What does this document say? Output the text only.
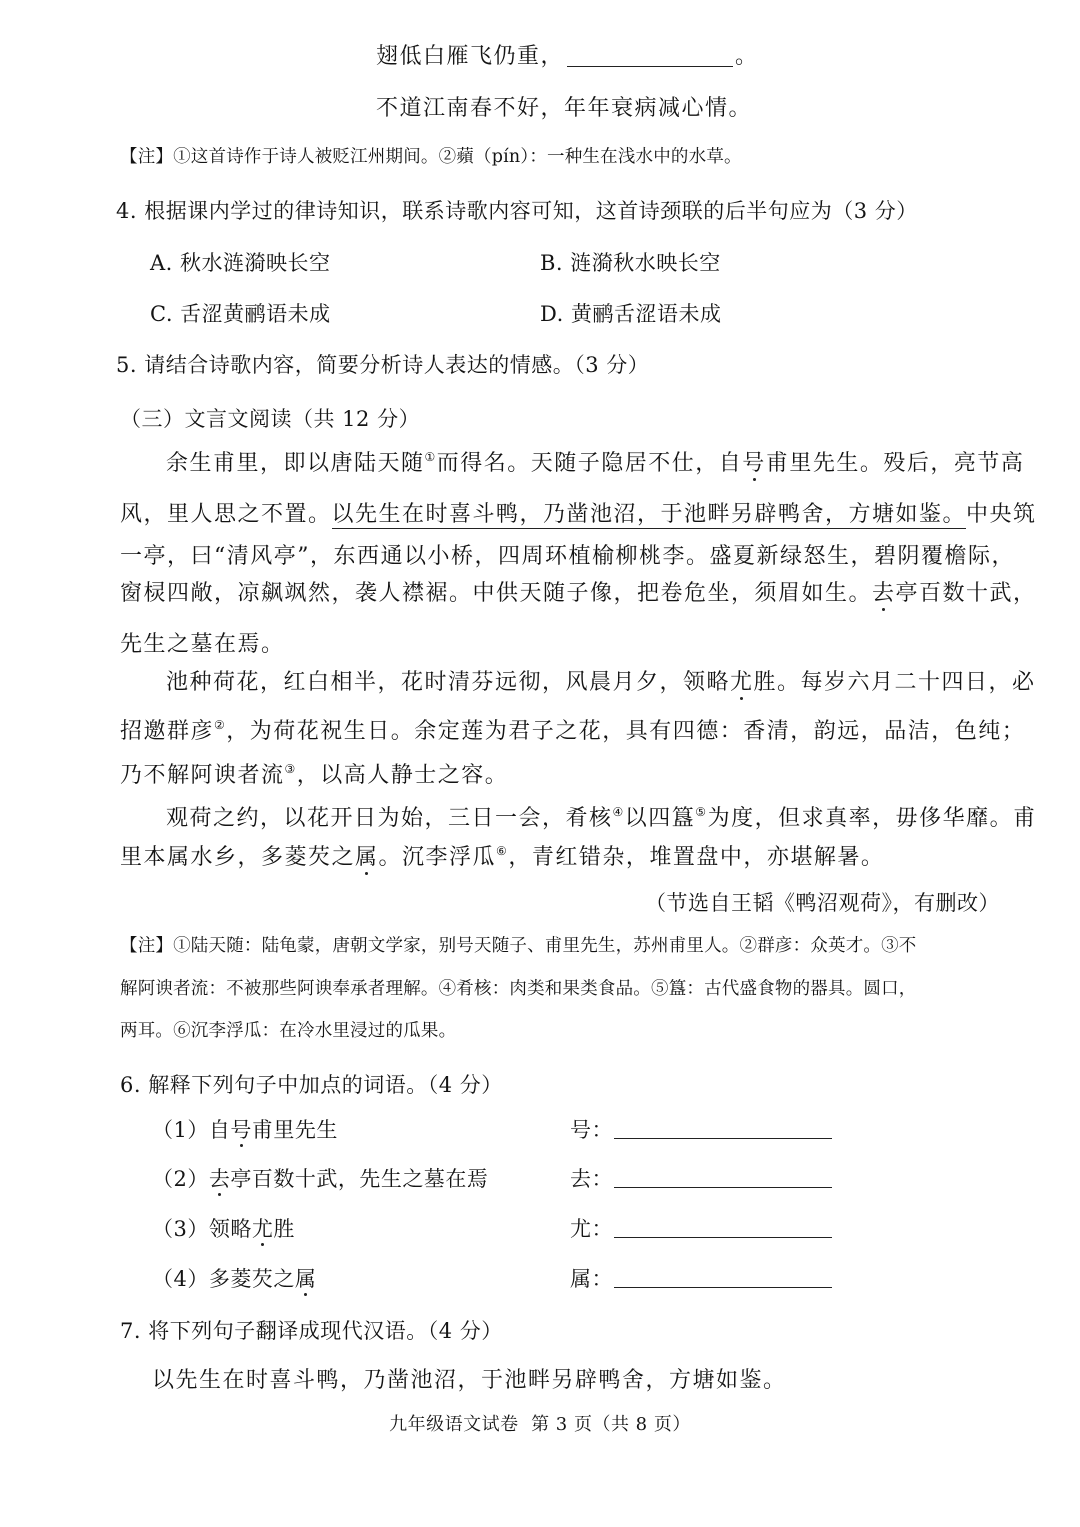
翅低白雁飞仍重，	。
不道江南春不好，年年衰病减心情。
【注】①这首诗作于诗人被贬江州期间。②蘋（pín）：一种生在浅水中的水草。
4. 根据课内学过的律诗知识，联系诗歌内容可知，这首诗颈联的后半句应为（3 分）
A. 秋水涟漪映长空	B. 涟漪秋水映长空
C. 舌涩黄鹂语未成	D. 黄鹂舌涩语未成
5. 请结合诗歌内容，简要分析诗人表达的情感。（3 分）
（三）文言文阅读（共 12 分）
余生甫里，即以唐陆天随①而得名。天随子隐居不仕，自号甫里先生。殁后，亮节高
风，里人思之不置。以先生在时喜斗鸭，乃凿池沼，于池畔另辟鸭舍，方塘如鉴。中央筑
一亭，曰“清风亭”，东西通以小桥，四周环植榆柳桃李。盛夏新绿怒生，碧阴覆檐际，
窗棂四敞，凉飙飒然，袭人襟裾。中供天随子像，把卷危坐，须眉如生。去亭百数十武，
先生之墓在焉。
池种荷花，红白相半，花时清芬远彻，风晨月夕，领略尤胜。每岁六月二十四日，必
招邀群彦②，为荷花祝生日。余定莲为君子之花，具有四德：香清，韵远，品洁，色纯；
乃不解阿谀者流③，以高人静士之容。
观荷之约，以花开日为始，三日一会，肴核④以四簋⑤为度，但求真率，毋侈华靡。甫
里本属水乡，多菱芡之属。沉李浮瓜⑥，青红错杂，堆置盘中，亦堪解暑。
（节选自王韬《鸭沼观荷》，有删改）
【注】①陆天随：陆龟蒙，唐朝文学家，别号天随子、甫里先生，苏州甫里人。②群彦：众英才。③不
解阿谀者流：不被那些阿谀奉承者理解。④肴核：肉类和果类食品。⑤簋：古代盛食物的器具。圆口，
两耳。⑥沉李浮瓜：在冷水里浸过的瓜果。
6. 解释下列句子中加点的词语。（4 分）
（1）自号甫里先生	号：
（2）去亭百数十武，先生之墓在焉	去：
（3）领略尤胜	尤：
（4）多菱芡之属	属：
7. 将下列句子翻译成现代汉语。（4 分）
以先生在时喜斗鸭，乃凿池沼，于池畔另辟鸭舍，方塘如鉴。
九年级语文试卷  第 3 页（共 8 页）
